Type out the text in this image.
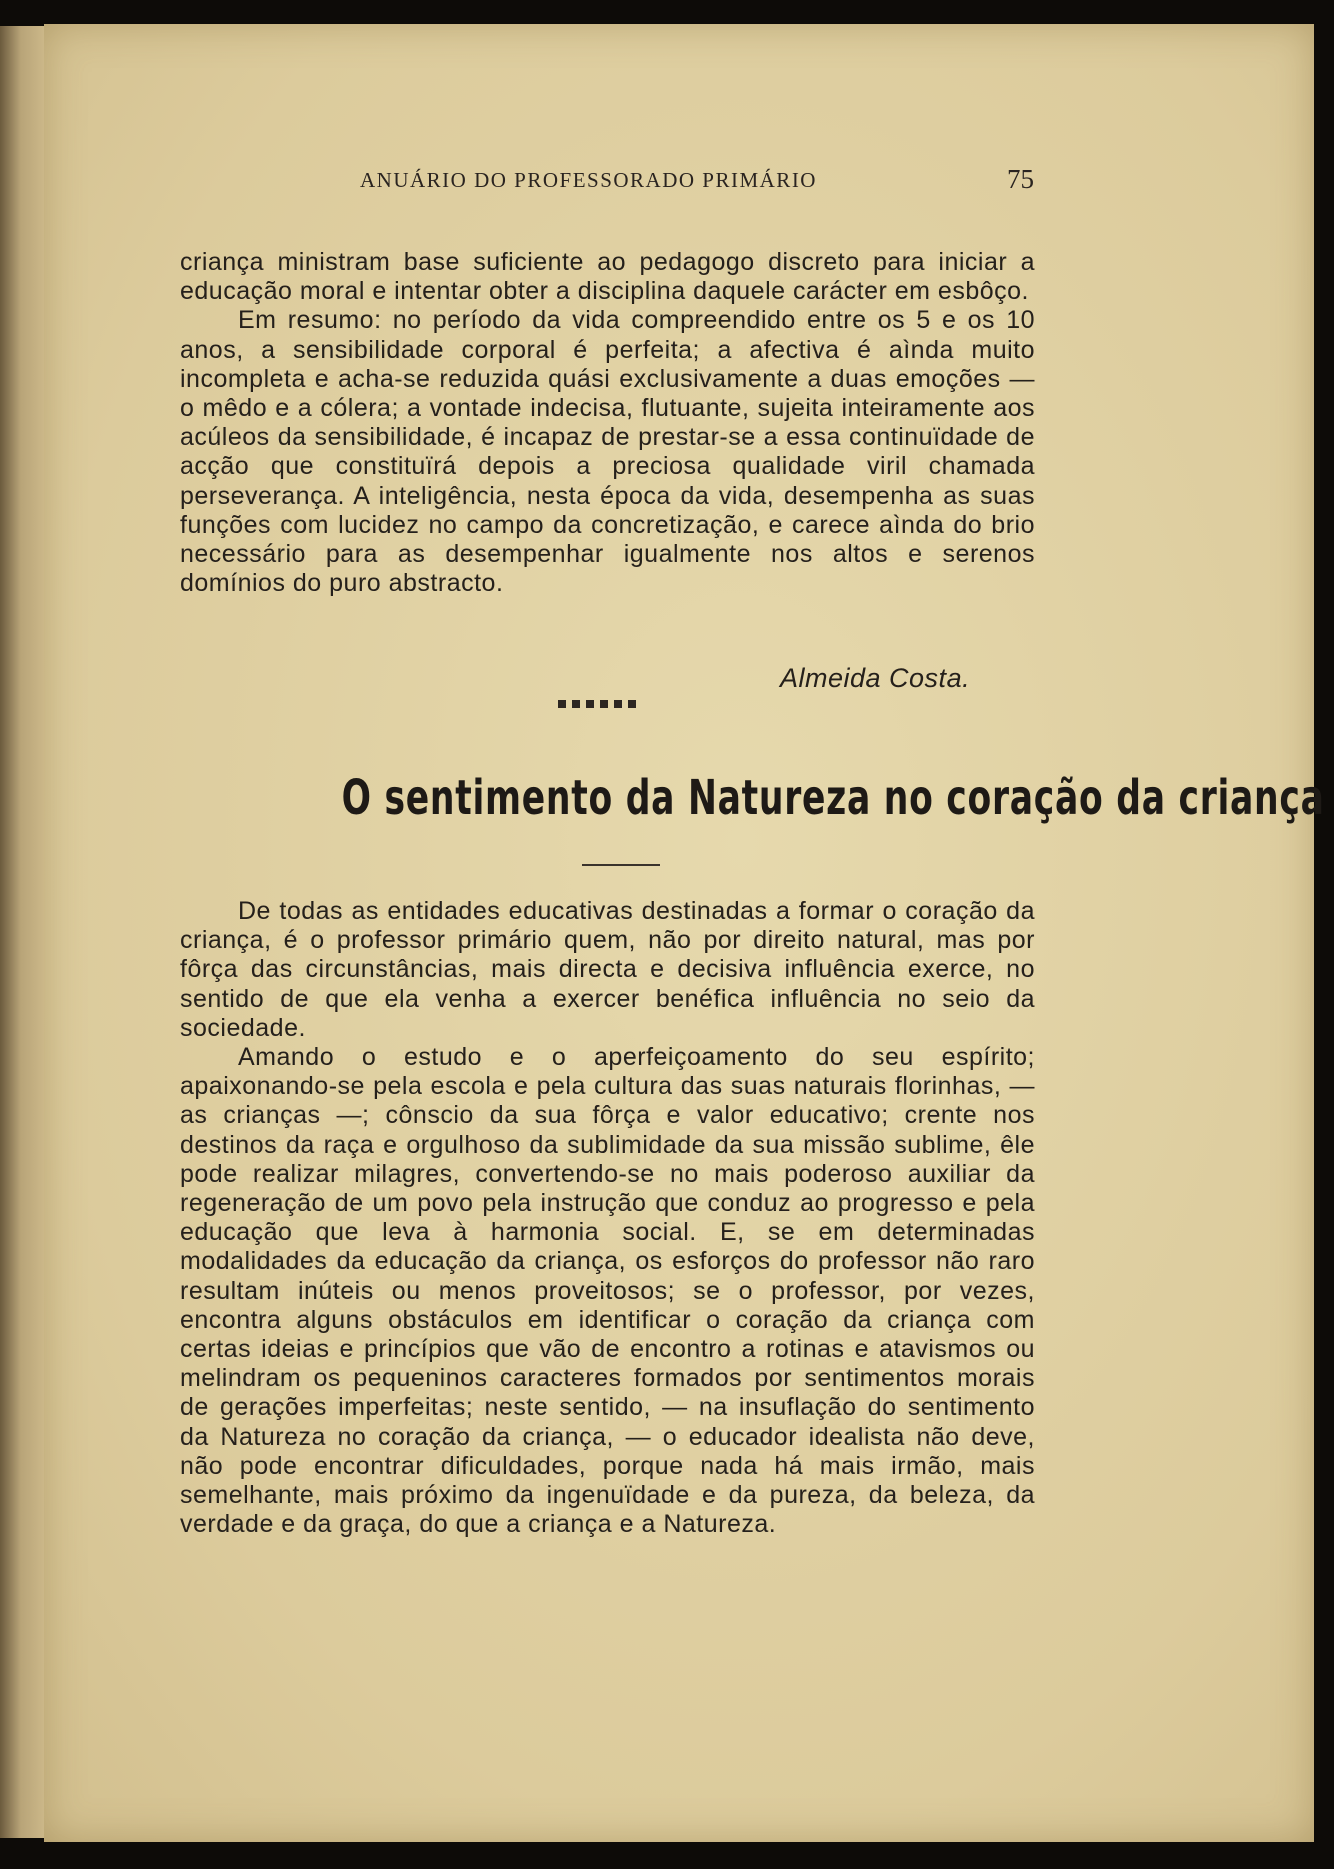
ANUÁRIO DO PROFESSORADO PRIMÁRIO	75

criança ministram base suficiente ao pedagogo discreto para iniciar a educação moral e intentar obter a disciplina daquele carácter em esbôço.

Em resumo: no período da vida compreendido entre os 5 e os 10 anos, a sensibilidade corporal é perfeita; a afectiva é aìnda muito incompleta e acha-se reduzida quási exclusivamente a duas emoções — o mêdo e a cólera; a vontade indecisa, flutuante, sujeita inteiramente aos acúleos da sensibilidade, é incapaz de prestar-se a essa continuïdade de acção que constituïrá depois a preciosa qualidade viril chamada perseverança. A inteligência, nesta época da vida, desempenha as suas funções com lucidez no campo da concretização, e carece aìnda do brio necessário para as desempenhar igualmente nos altos e serenos domínios do puro abstracto.

Almeida Costa.
O sentimento da Natureza no coração da criança

De todas as entidades educativas destinadas a formar o coração da criança, é o professor primário quem, não por direito natural, mas por fôrça das circunstâncias, mais directa e decisiva influência exerce, no sentido de que ela venha a exercer benéfica influência no seio da sociedade.

Amando o estudo e o aperfeiçoamento do seu espírito; apaixonando-se pela escola e pela cultura das suas naturais florinhas, — as crianças —; cônscio da sua fôrça e valor educativo; crente nos destinos da raça e orgulhoso da sublimidade da sua missão sublime, êle pode realizar milagres, convertendo-se no mais poderoso auxiliar da regeneração de um povo pela instrução que conduz ao progresso e pela educação que leva à harmonia social. E, se em determinadas modalidades da educação da criança, os esforços do professor não raro resultam inúteis ou menos proveitosos; se o professor, por vezes, encontra alguns obstáculos em identificar o coração da criança com certas ideias e princípios que vão de encontro a rotinas e atavismos ou melindram os pequeninos caracteres formados por sentimentos morais de gerações imperfeitas; neste sentido, — na insuflação do sentimento da Natureza no coração da criança, — o educador idealista não deve, não pode encontrar dificuldades, porque nada há mais irmão, mais semelhante, mais próximo da ingenuïdade e da pureza, da beleza, da verdade e da graça, do que a criança e a Natureza.
